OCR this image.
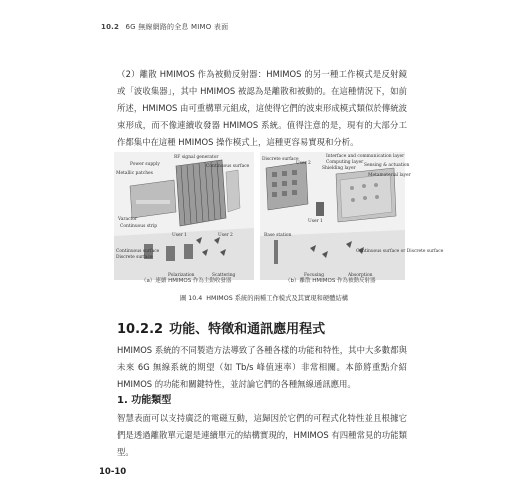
10.2 6G 無線網路的全息 MIMO 表面

（2）離散 HMIMOS 作為被動反射器：HMIMOS 的另一種工作模式是反射鏡或「波收集器」，其中 HMIMOS 被認為是離散和被動的。在這種情況下，如前所述，HMIMOS 由可重構單元組成，這使得它們的波束形成模式類似於傳統波束形成，而不像連續收發器 HMIMOS 系統。值得注意的是，現有的大部分工作都集中在這種 HMIMOS 操作模式上，這種更容易實現和分析。

RF signal generator
Power supply	Continuous surface
Metallic patches
Varactor
Continuous strip
User 1	User 2
Continuous surface
Discrete surface
Polarization	Scattering
Discrete surface
User 2
Interface and communication layer
Computing layer
Shielding layer
Sensing & actuation
Metamaterial layer
User 1
Base station
Continuous surface or Discrete surface
Focusing	Absorption
（a）連續 HMIMOS 作為主動收發器	（b）離散 HMIMOS 作為被動反射器
圖 10.4 HMIMOS 系統的兩種工作模式及其實現和硬體結構
10.2.2 功能、特徵和通訊應用程式

HMIMOS 系統的不同製造方法導致了各種各樣的功能和特性，其中大多數都與未來 6G 無線系統的期望（如 Tb/s 峰值速率）非常相關。本節將重點介紹 HMIMOS 的功能和關鍵特性，並討論它們的各種無線通訊應用。

1. 功能類型

智慧表面可以支持廣泛的電磁互動，這歸因於它們的可程式化特性並且根據它們是透過離散單元還是連續單元的結構實現的，HMIMOS 有四種常見的功能類型。

10-10
